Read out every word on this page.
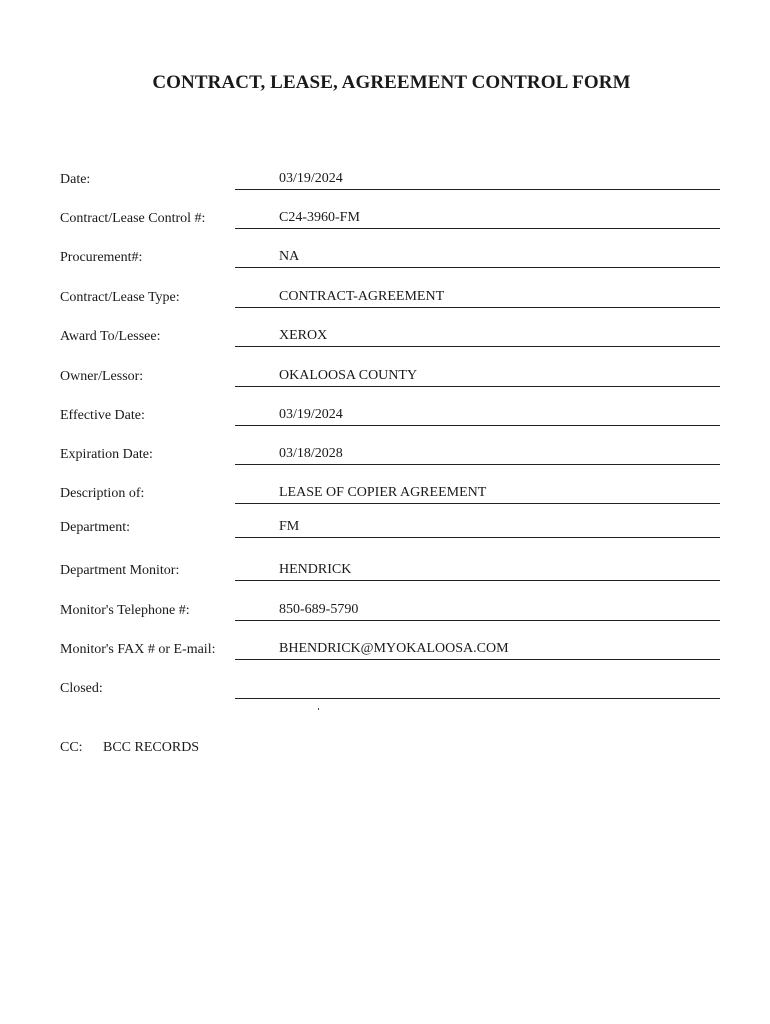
CONTRACT, LEASE, AGREEMENT CONTROL FORM
Date:	03/19/2024
Contract/Lease Control #:	C24-3960-FM
Procurement#:	NA
Contract/Lease Type:	CONTRACT-AGREEMENT
Award To/Lessee:	XEROX
Owner/Lessor:	OKALOOSA COUNTY
Effective Date:	03/19/2024
Expiration Date:	03/18/2028
Description of:	LEASE OF COPIER AGREEMENT
Department:	FM
Department Monitor:	HENDRICK
Monitor's Telephone #:	850-689-5790
Monitor's FAX # or E-mail:	BHENDRICK@MYOKALOOSA.COM
Closed:
CC: BCC RECORDS
